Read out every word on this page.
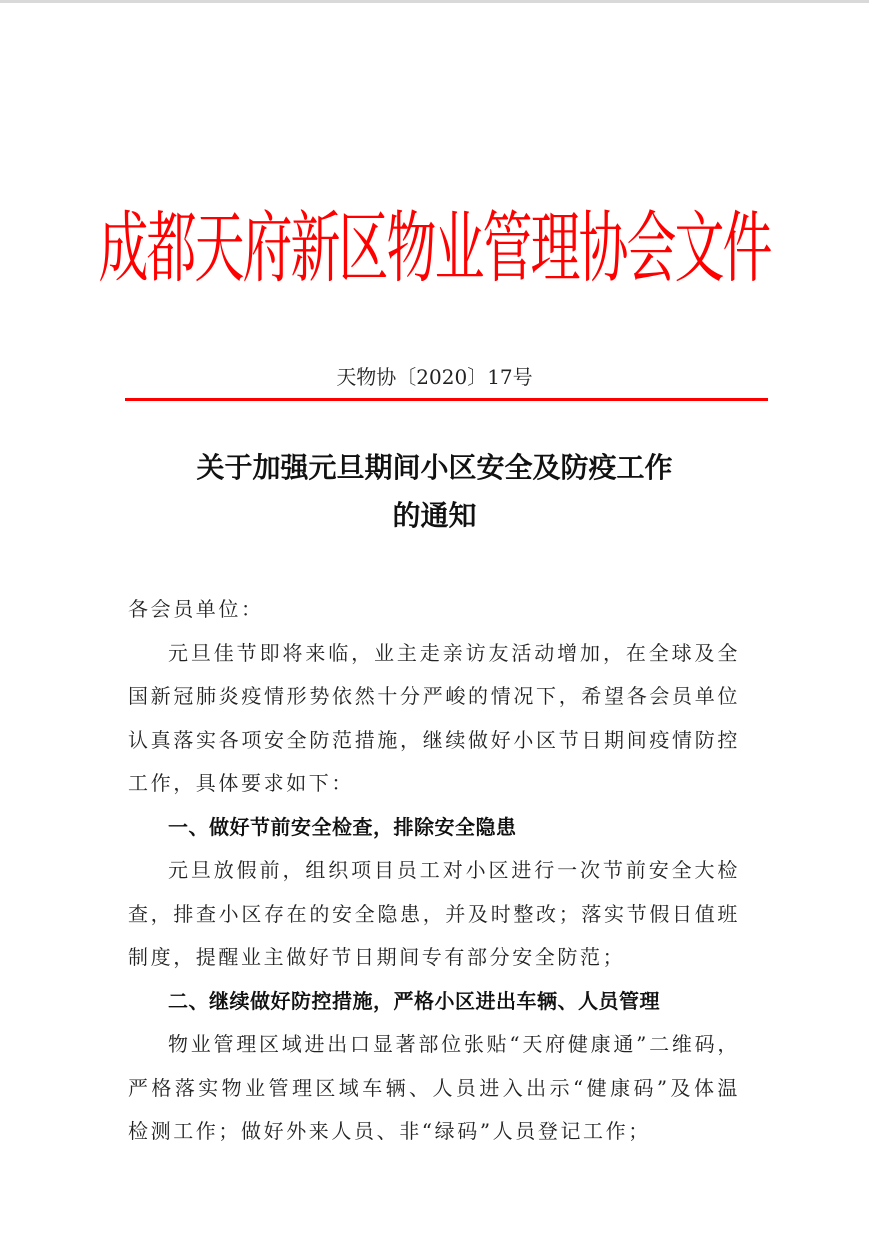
成都天府新区物业管理协会文件
天物协〔2020〕17号
关于加强元旦期间小区安全及防疫工作
的通知

各会员单位：

元旦佳节即将来临，业主走亲访友活动增加，在全球及全国新冠肺炎疫情形势依然十分严峻的情况下，希望各会员单位认真落实各项安全防范措施，继续做好小区节日期间疫情防控工作，具体要求如下：

一、做好节前安全检查，排除安全隐患

元旦放假前，组织项目员工对小区进行一次节前安全大检查，排查小区存在的安全隐患，并及时整改；落实节假日值班制度，提醒业主做好节日期间专有部分安全防范；

二、继续做好防控措施，严格小区进出车辆、人员管理

物业管理区域进出口显著部位张贴“天府健康通”二维码，严格落实物业管理区域车辆、人员进入出示“健康码”及体温检测工作；做好外来人员、非“绿码”人员登记工作；
